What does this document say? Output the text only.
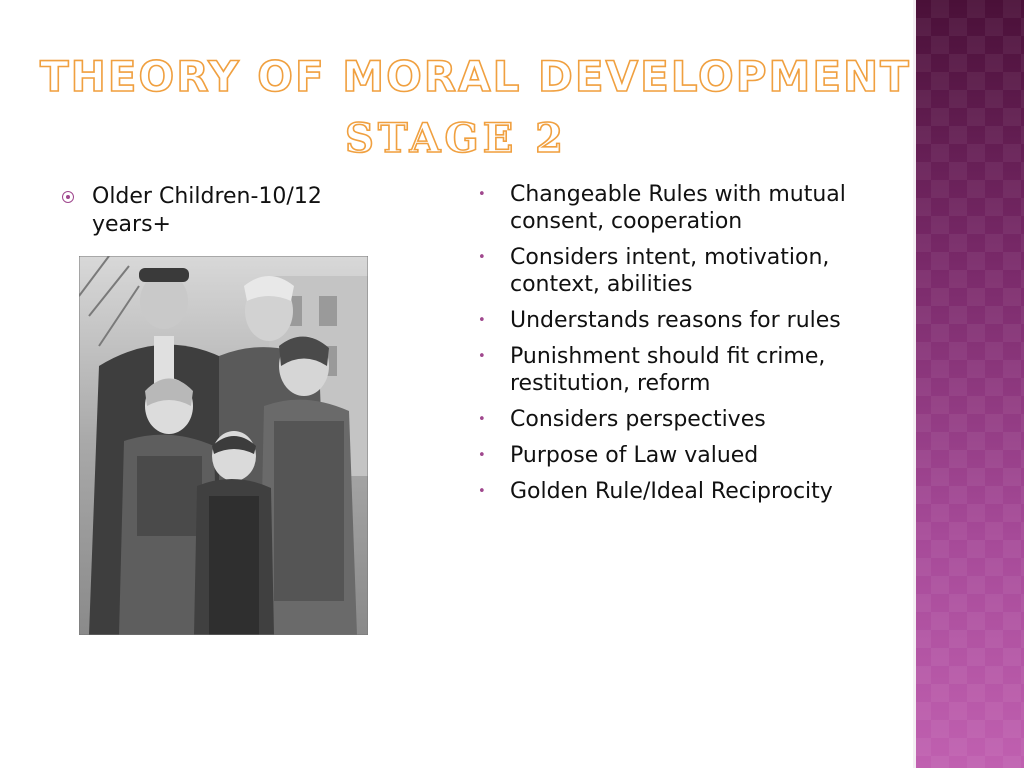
THEORY OF MORAL DEVELOPMENT
STAGE 2
Older Children-10/12 years+
• Changeable Rules with mutual consent, cooperation
• Considers intent, motivation, context, abilities
• Understands reasons for rules
• Punishment should fit crime, restitution, reform
• Considers perspectives
• Purpose of Law valued
• Golden Rule/Ideal Reciprocity
